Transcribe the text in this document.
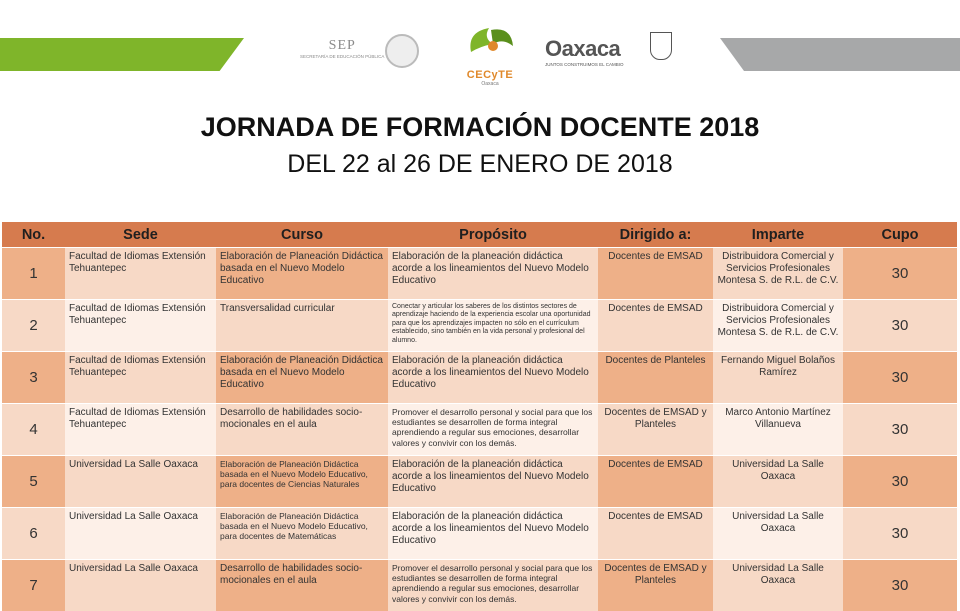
SEP
SECRETARÍA DE EDUCACIÓN PÚBLICA
CECyTE
Oaxaca
Oaxaca
JUNTOS CONSTRUIMOS EL CAMBIO
JORNADA DE FORMACIÓN DOCENTE 2018
DEL 22 al 26 DE ENERO DE 2018
No.	Sede	Curso	Propósito	Dirigido a:	Imparte	Cupo
1	Facultad de Idiomas Extensión Tehuantepec	Elaboración de Planeación Didáctica basada en el Nuevo Modelo Educativo	Elaboración de la planeación didáctica acorde a los lineamientos del Nuevo Modelo Educativo	Docentes de EMSAD	Distribuidora Comercial y Servicios Profesionales Montesa S. de R.L. de C.V.	30
2	Facultad de Idiomas Extensión Tehuantepec	Transversalidad curricular	Conectar y articular los saberes de los distintos sectores de aprendizaje haciendo de la experiencia escolar una oportunidad para que los aprendizajes impacten no sólo en el currículum establecido, sino también en la vida personal y profesional del alumno.	Docentes de EMSAD	Distribuidora Comercial y Servicios Profesionales Montesa S. de R.L. de C.V.	30
3	Facultad de Idiomas Extensión Tehuantepec	Elaboración de Planeación Didáctica basada en el Nuevo Modelo Educativo	Elaboración de la planeación didáctica acorde a los lineamientos del Nuevo Modelo Educativo	Docentes de Planteles	Fernando Miguel Bolaños Ramírez	30
4	Facultad de Idiomas Extensión Tehuantepec	Desarrollo de habilidades socio-mocionales en el aula	Promover el desarrollo personal y social para que los estudiantes se desarrollen de forma integral aprendiendo a regular sus emociones, desarrollar valores y convivir con los demás.	Docentes de EMSAD y Planteles	Marco Antonio Martínez Villanueva	30
5	Universidad La Salle Oaxaca	Elaboración de Planeación Didáctica basada en el Nuevo Modelo Educativo, para docentes de Ciencias Naturales	Elaboración de la planeación didáctica acorde a los lineamientos del Nuevo Modelo Educativo	Docentes de EMSAD	Universidad La Salle Oaxaca	30
6	Universidad La Salle Oaxaca	Elaboración de Planeación Didáctica basada en el Nuevo Modelo Educativo, para docentes de Matemáticas	Elaboración de la planeación didáctica acorde a los lineamientos del Nuevo Modelo Educativo	Docentes de EMSAD	Universidad La Salle Oaxaca	30
7	Universidad La Salle Oaxaca	Desarrollo de habilidades socio-mocionales en el aula	Promover el desarrollo personal y social para que los estudiantes se desarrollen de forma integral aprendiendo a regular sus emociones, desarrollar valores y convivir con los demás.	Docentes de EMSAD y Planteles	Universidad La Salle Oaxaca	30
